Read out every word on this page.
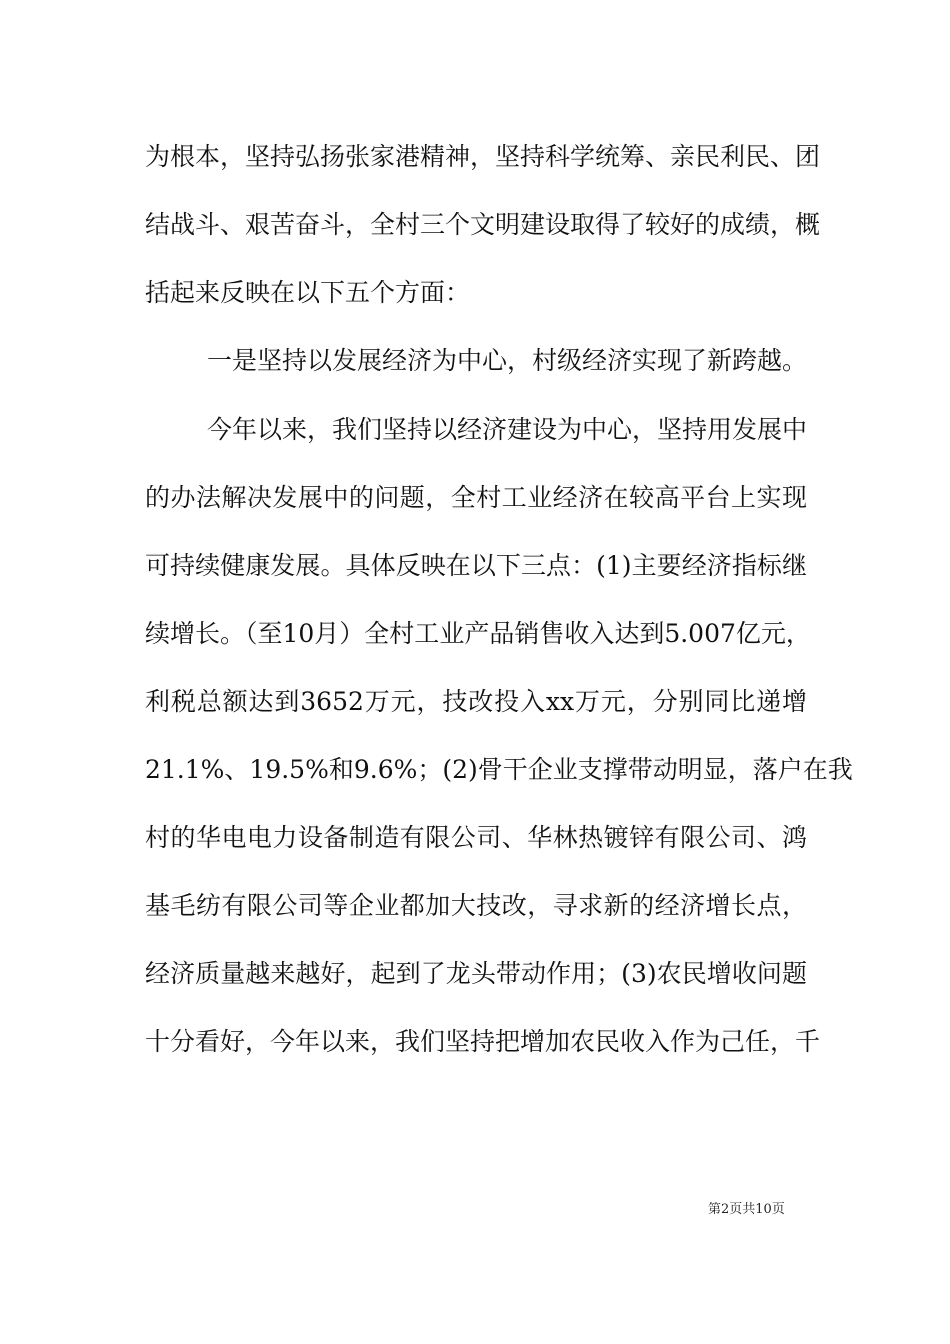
为根本，坚持弘扬张家港精神，坚持科学统筹、亲民利民、团
结战斗、艰苦奋斗，全村三个文明建设取得了较好的成绩，概
括起来反映在以下五个方面：
一是坚持以发展经济为中心，村级经济实现了新跨越。
今年以来，我们坚持以经济建设为中心，坚持用发展中
的办法解决发展中的问题，全村工业经济在较高平台上实现
可持续健康发展。具体反映在以下三点：(1)主要经济指标继
续增长。（至10月）全村工业产品销售收入达到5.007亿元，
利税总额达到3652万元，技改投入xx万元，分别同比递增
21.1%、19.5%和9.6%；(2)骨干企业支撑带动明显，落户在我
村的华电电力设备制造有限公司、华林热镀锌有限公司、鸿
基毛纺有限公司等企业都加大技改，寻求新的经济增长点，
经济质量越来越好，起到了龙头带动作用；(3)农民增收问题
十分看好，今年以来，我们坚持把增加农民收入作为己任，千
第2页共10页
